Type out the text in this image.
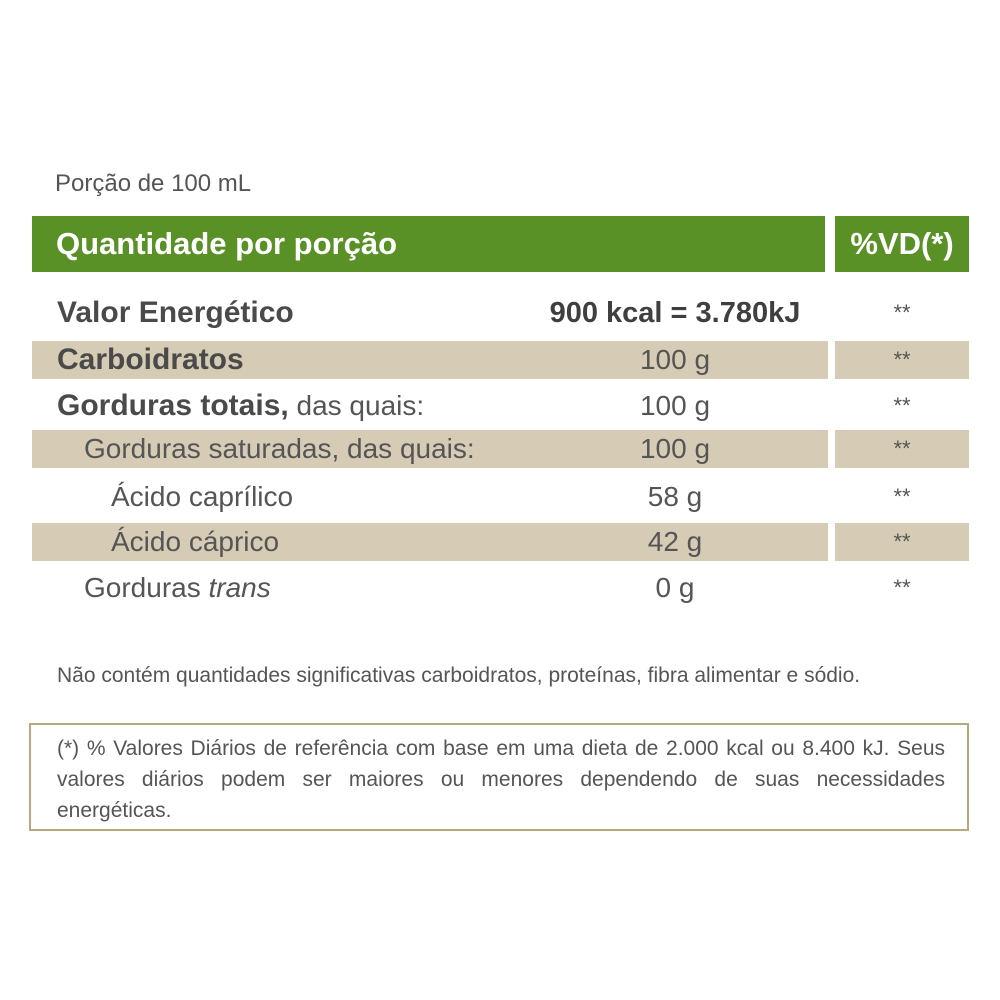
Porção de 100 mL
Quantidade por porção	%VD(*)
Valor Energético	900 kcal = 3.780kJ	**
Carboidratos	100 g	**
Gorduras totais, das quais:	100 g	**
Gorduras saturadas, das quais:	100 g	**
Ácido caprílico	58 g	**
Ácido cáprico	42 g	**
Gorduras trans	0 g	**
Não contém quantidades significativas carboidratos, proteínas, fibra alimentar e sódio.
(*) % Valores Diários de referência com base em uma dieta de 2.000 kcal ou 8.400 kJ. Seus valores diários podem ser maiores ou menores dependendo de suas necessidades energéticas.
